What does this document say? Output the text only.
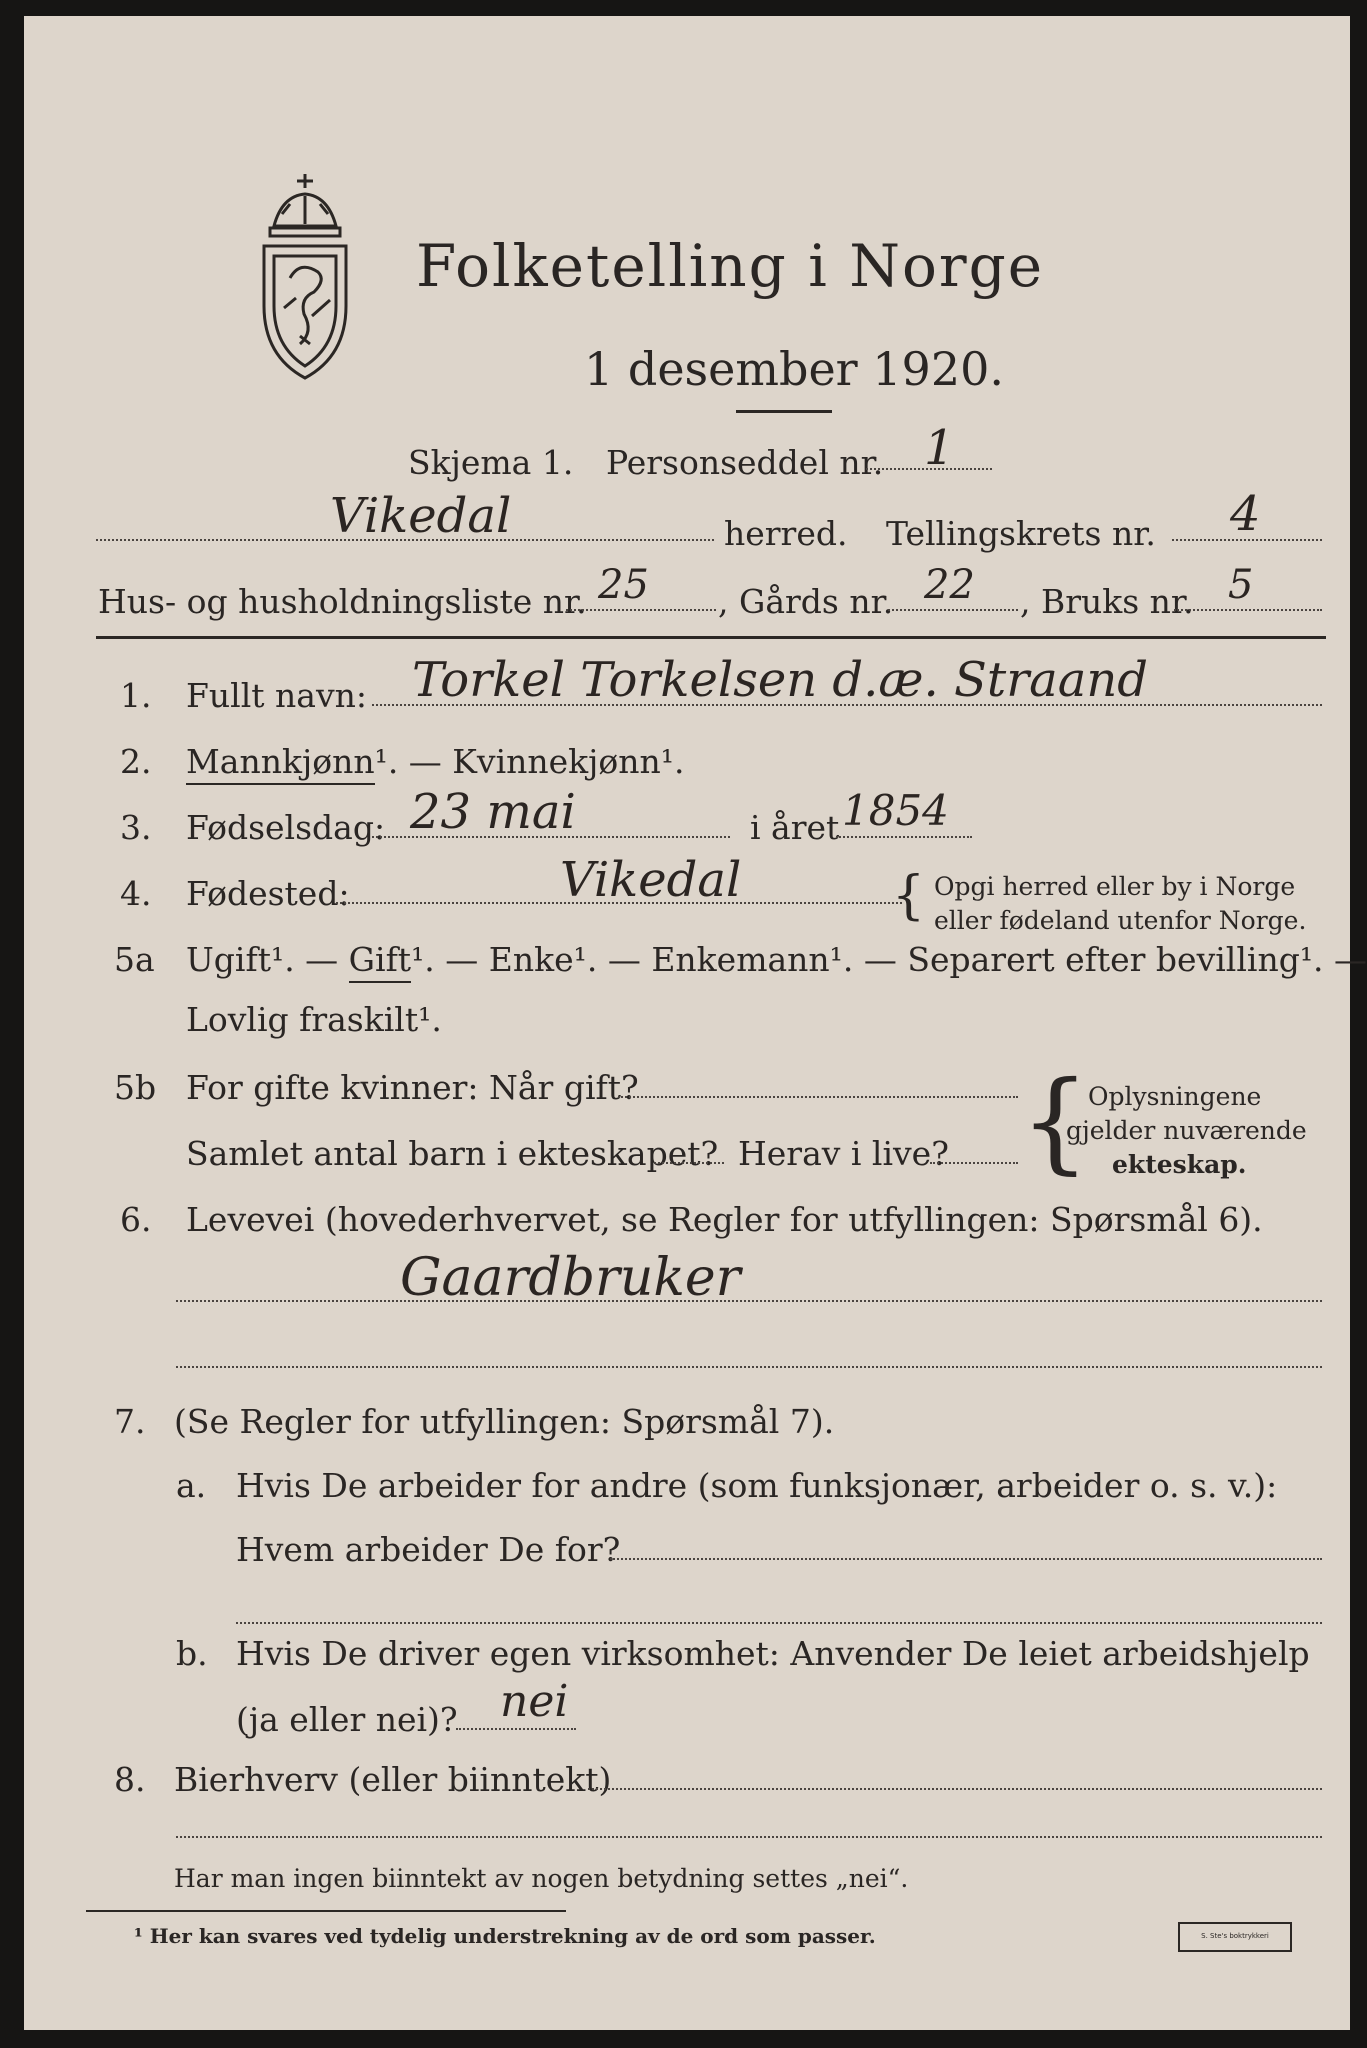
Folketelling i Norge
1 desember 1920.
Skjema 1. Personseddel nr. 1
Vikedal	herred. Tellingskrets nr. 4
Hus- og husholdningsliste nr. 25 , Gårds nr. 22 , Bruks nr. 5
1. Fullt navn: Torkel Torkelsen d.æ. Straand
2. Mannkjønn¹. — Kvinnekjønn¹.
3. Fødselsdag: 23 mai	i året 1854
4. Fødested:	Vikedal	{ Opgi herred eller by i Norge
eller fødeland utenfor Norge.
5a Ugift¹. — Gift¹. — Enke¹. — Enkemann¹. — Separert efter bevilling¹. —
Lovlig fraskilt¹.
5b For gifte kvinner: Når gift?
Samlet antal barn i ekteskapet? Herav i live? {
Oplysningene
gjelder nuværende
ekteskap.
6. Levevei (hovederhvervet, se Regler for utfyllingen: Spørsmål 6).
Gaardbruker
7. (Se Regler for utfyllingen: Spørsmål 7).
a. Hvis De arbeider for andre (som funksjonær, arbeider o. s. v.):
Hvem arbeider De for?
b. Hvis De driver egen virksomhet: Anvender De leiet arbeidshjelp
(ja eller nei)? nei
8. Bierhverv (eller biinntekt)
Har man ingen biinntekt av nogen betydning settes „nei“.
¹ Her kan svares ved tydelig understrekning av de ord som passer.	S. Ste's boktrykkeri
